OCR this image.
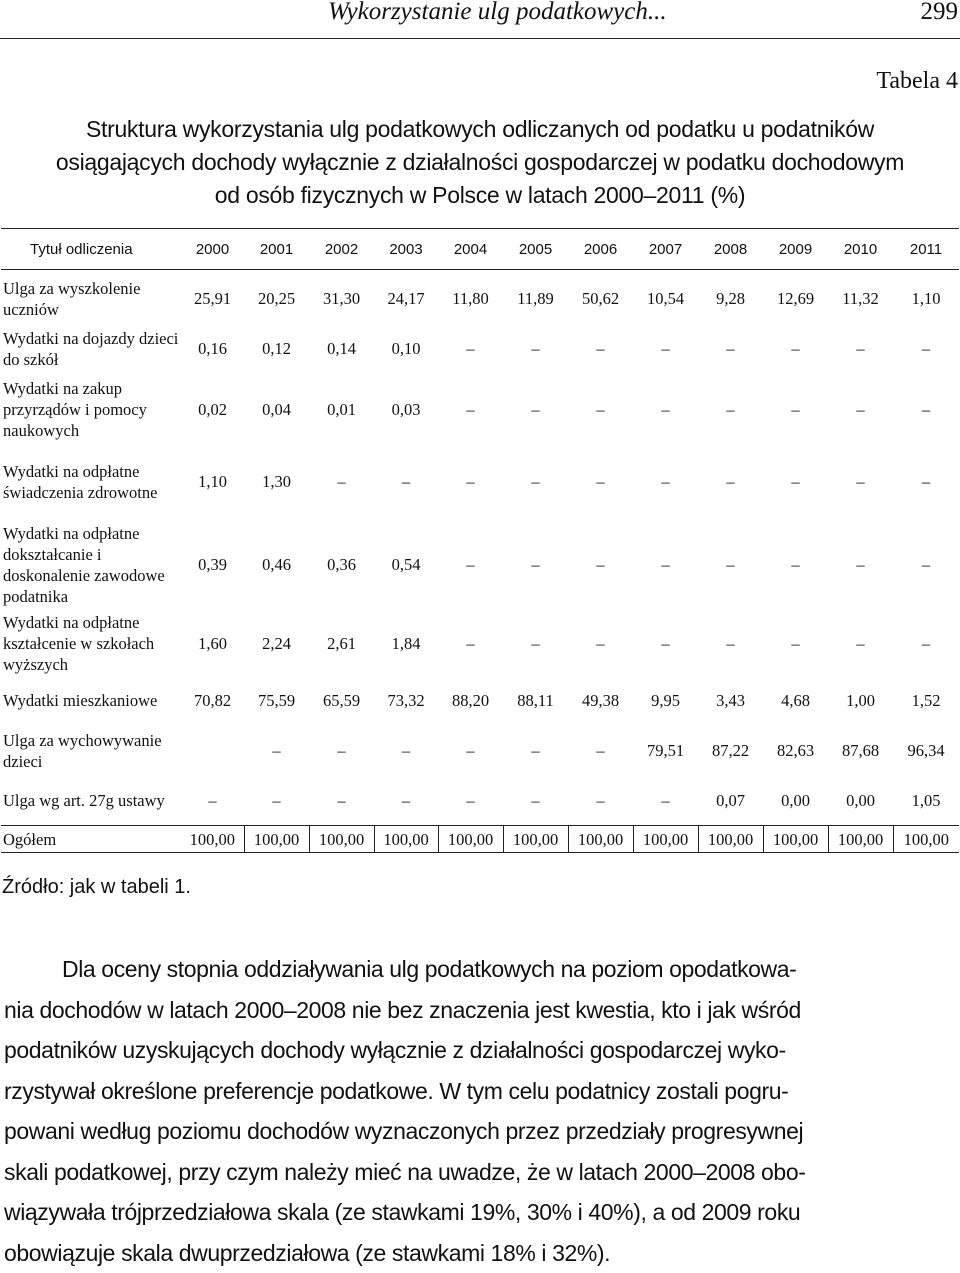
Wykorzystanie ulg podatkowych...	299
Tabela 4
Struktura wykorzystania ulg podatkowych odliczanych od podatku u podatników
osiągających dochody wyłącznie z działalności gospodarczej w podatku dochodowym
od osób fizycznych w Polsce w latach 2000–2011 (%)
Tytuł odliczenia	2000	2001	2002	2003	2004	2005	2006	2007	2008	2009	2010	2011
Ulga za wyszkolenie uczniów	25,91	20,25	31,30	24,17	11,80	11,89	50,62	10,54	9,28	12,69	11,32	1,10
Wydatki na dojazdy dzieci do szkół	0,16	0,12	0,14	0,10	–	–	–	–	–	–	–	–
Wydatki na zakup przyrządów i pomocy naukowych	0,02	0,04	0,01	0,03	–	–	–	–	–	–	–	–
Wydatki na odpłatne świadczenia zdrowotne	1,10	1,30	–	–	–	–	–	–	–	–	–	–
Wydatki na odpłatne dokształcanie i doskonalenie zawodowe podatnika	0,39	0,46	0,36	0,54	–	–	–	–	–	–	–	–
Wydatki na odpłatne kształcenie w szkołach wyższych	1,60	2,24	2,61	1,84	–	–	–	–	–	–	–	–
Wydatki mieszkaniowe	70,82	75,59	65,59	73,32	88,20	88,11	49,38	9,95	3,43	4,68	1,00	1,52
Ulga za wychowywanie dzieci		–	–	–	–	–	–	79,51	87,22	82,63	87,68	96,34
Ulga wg art. 27g ustawy	–	–	–	–	–	–	–	–	0,07	0,00	0,00	1,05
Ogółem	100,00	100,00	100,00	100,00	100,00	100,00	100,00	100,00	100,00	100,00	100,00	100,00
Źródło: jak w tabeli 1.
Dla oceny stopnia oddziaływania ulg podatkowych na poziom opodatkowa-
nia dochodów w latach 2000–2008 nie bez znaczenia jest kwestia, kto i jak wśród
podatników uzyskujących dochody wyłącznie z działalności gospodarczej wyko-
rzystywał określone preferencje podatkowe. W tym celu podatnicy zostali pogru-
powani według poziomu dochodów wyznaczonych przez przedziały progresywnej
skali podatkowej, przy czym należy mieć na uwadze, że w latach 2000–2008 obo-
wiązywała trójprzedziałowa skala (ze stawkami 19%, 30% i 40%), a od 2009 roku
obowiązuje skala dwuprzedziałowa (ze stawkami 18% i 32%).
